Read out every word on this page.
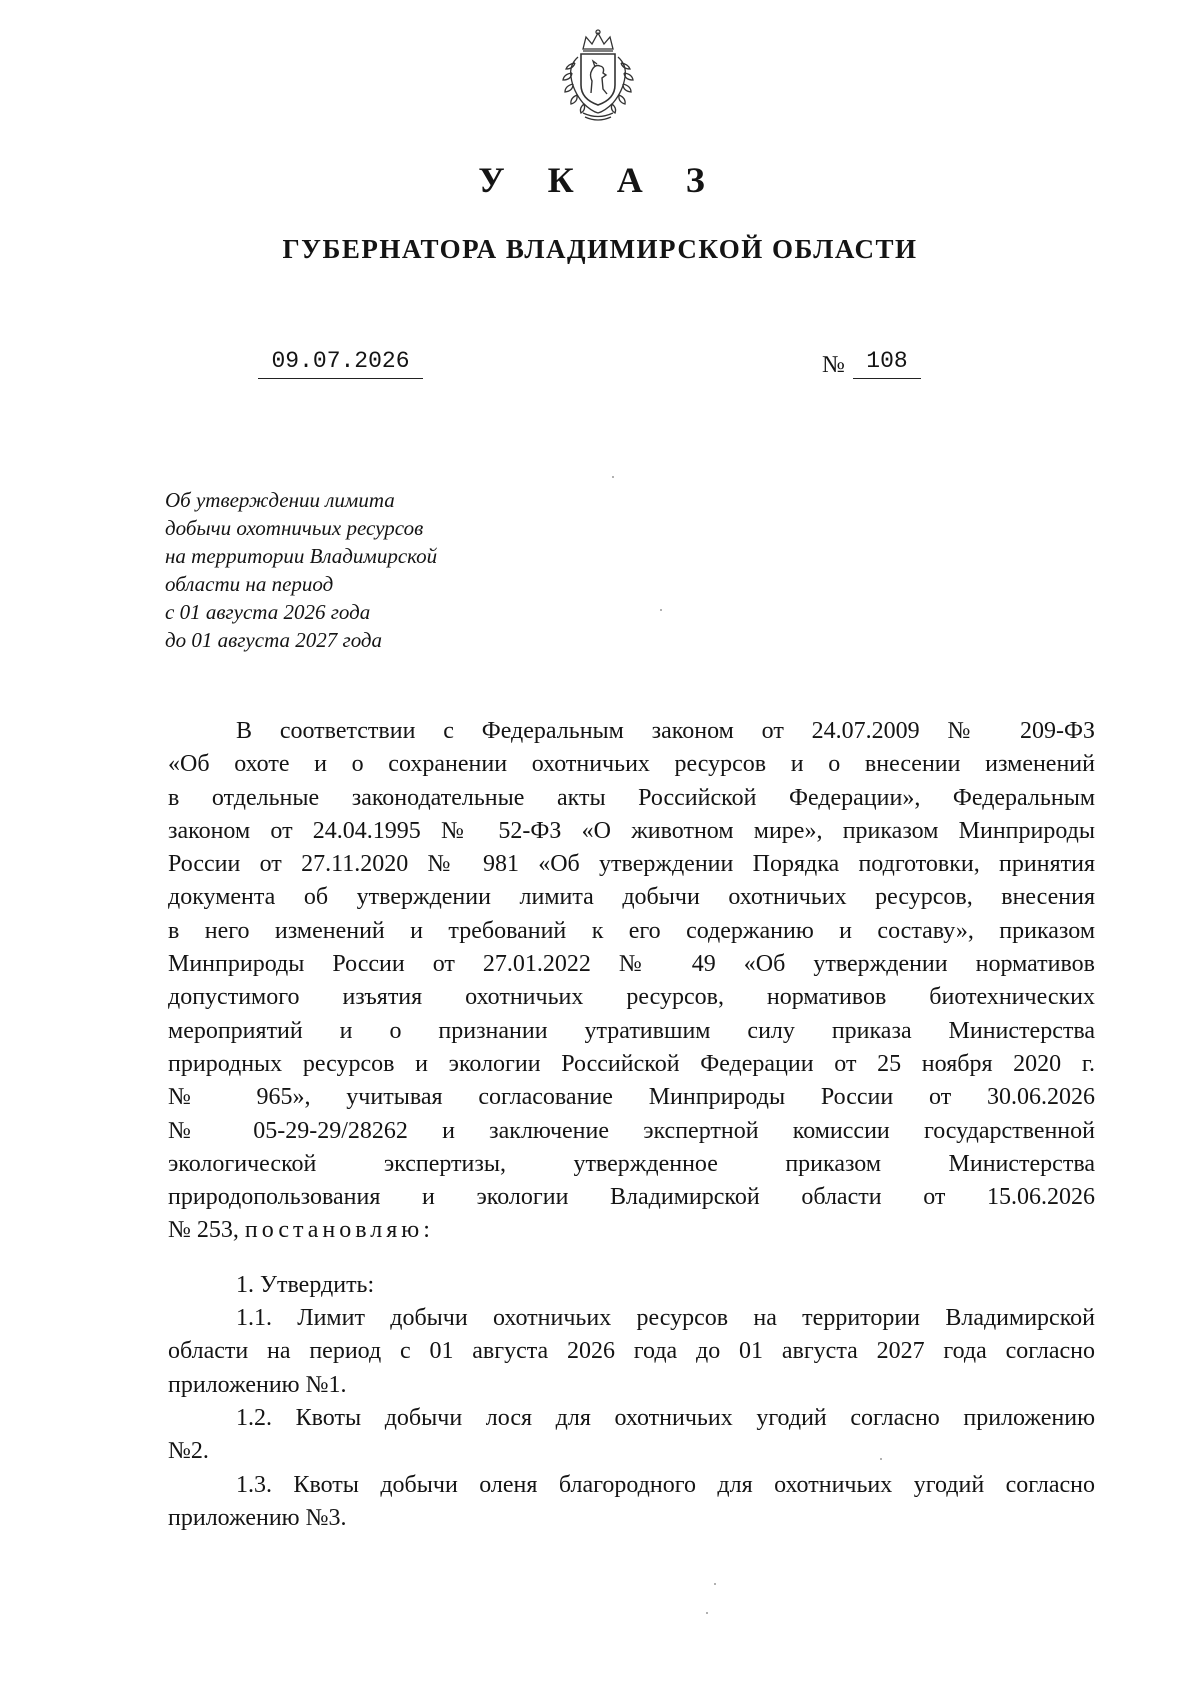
У К А З
ГУБЕРНАТОРА ВЛАДИМИРСКОЙ ОБЛАСТИ
09.07.2026	№ 108
Об утверждении лимита
добычи охотничьих ресурсов
на территории Владимирской
области на период
с 01 августа 2026 года
до 01 августа 2027 года
В соответствии с Федеральным законом от 24.07.2009 № 209-ФЗ
«Об охоте и о сохранении охотничьих ресурсов и о внесении изменений
в отдельные законодательные акты Российской Федерации», Федеральным
законом от 24.04.1995 № 52-ФЗ «О животном мире», приказом Минприроды
России от 27.11.2020 № 981 «Об утверждении Порядка подготовки, принятия
документа об утверждении лимита добычи охотничьих ресурсов, внесения
в него изменений и требований к его содержанию и составу», приказом
Минприроды России от 27.01.2022 № 49 «Об утверждении нормативов
допустимого изъятия охотничьих ресурсов, нормативов биотехнических
мероприятий и о признании утратившим силу приказа Министерства
природных ресурсов и экологии Российской Федерации от 25 ноября 2020 г.
№ 965», учитывая согласование Минприроды России от 30.06.2026
№ 05-29-29/28262 и заключение экспертной комиссии государственной
экологической экспертизы, утвержденное приказом Министерства
природопользования и экологии Владимирской области от 15.06.2026
№ 253, постановляю:
1. Утвердить:
1.1. Лимит добычи охотничьих ресурсов на территории Владимирской
области на период с 01 августа 2026 года до 01 августа 2027 года согласно
приложению №1.
1.2. Квоты добычи лося для охотничьих угодий согласно приложению
№2.
1.3. Квоты добычи оленя благородного для охотничьих угодий согласно
приложению №3.
